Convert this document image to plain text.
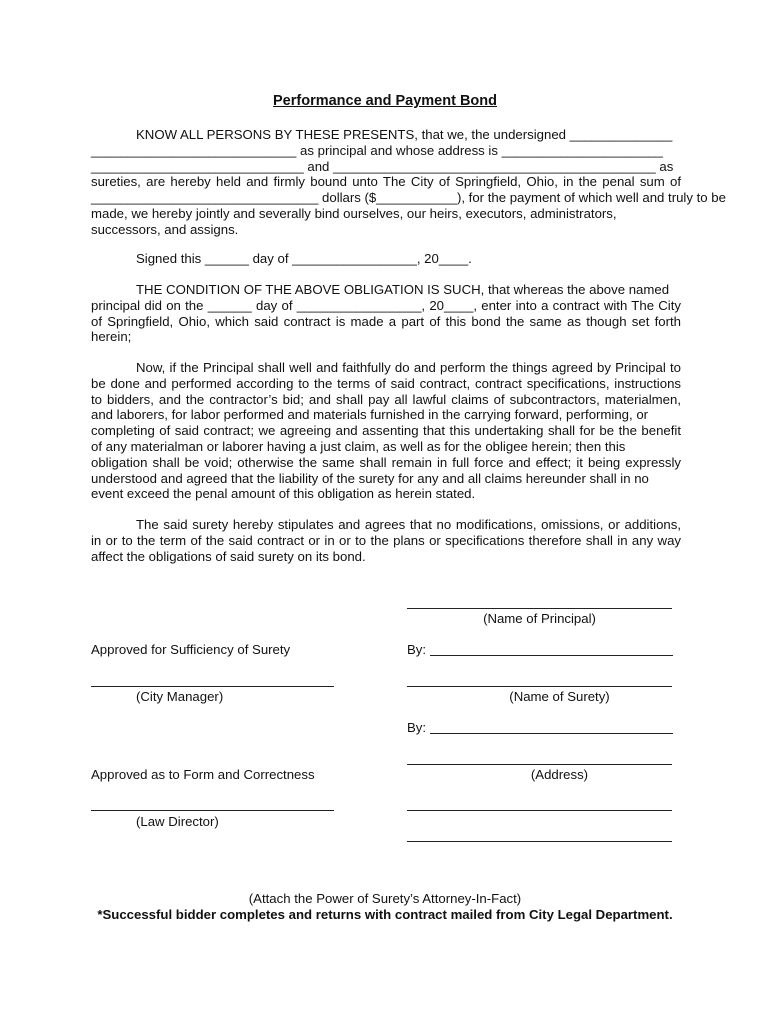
Performance and Payment Bond
KNOW ALL PERSONS BY THESE PRESENTS, that we, the undersigned ______________
____________________________ as principal and whose address is ______________________
_____________________________ and ____________________________________________ as
sureties, are hereby held and firmly bound unto The City of Springfield, Ohio, in the penal sum of
_______________________________ dollars ($___________), for the payment of which well and truly to be
made, we hereby jointly and severally bind ourselves, our heirs, executors, administrators,
successors, and assigns.
Signed this ______ day of _________________, 20____.
THE CONDITION OF THE ABOVE OBLIGATION IS SUCH, that whereas the above named
principal did on the ______ day of _________________, 20____, enter into a contract with The City
of Springfield, Ohio, which said contract is made a part of this bond the same as though set forth
herein;
Now, if the Principal shall well and faithfully do and perform the things agreed by Principal to
be done and performed according to the terms of said contract, contract specifications, instructions
to bidders, and the contractor’s bid; and shall pay all lawful claims of subcontractors, materialmen,
and laborers, for labor performed and materials furnished in the carrying forward, performing, or
completing of said contract; we agreeing and assenting that this undertaking shall for be the benefit
of any materialman or laborer having a just claim, as well as for the obligee herein; then this
obligation shall be void; otherwise the same shall remain in full force and effect; it being expressly
understood and agreed that the liability of the surety for any and all claims hereunder shall in no
event exceed the penal amount of this obligation as herein stated.
The said surety hereby stipulates and agrees that no modifications, omissions, or additions,
in or to the term of the said contract or in or to the plans or specifications therefore shall in any way
affect the obligations of said surety on its bond.
(Name of Principal)
Approved for Sufficiency of Surety	By:
(City Manager)	(Name of Surety)
By:
Approved as to Form and Correctness	(Address)
(Law Director)
(Attach the Power of Surety’s Attorney-In-Fact)
*Successful bidder completes and returns with contract mailed from City Legal Department.
